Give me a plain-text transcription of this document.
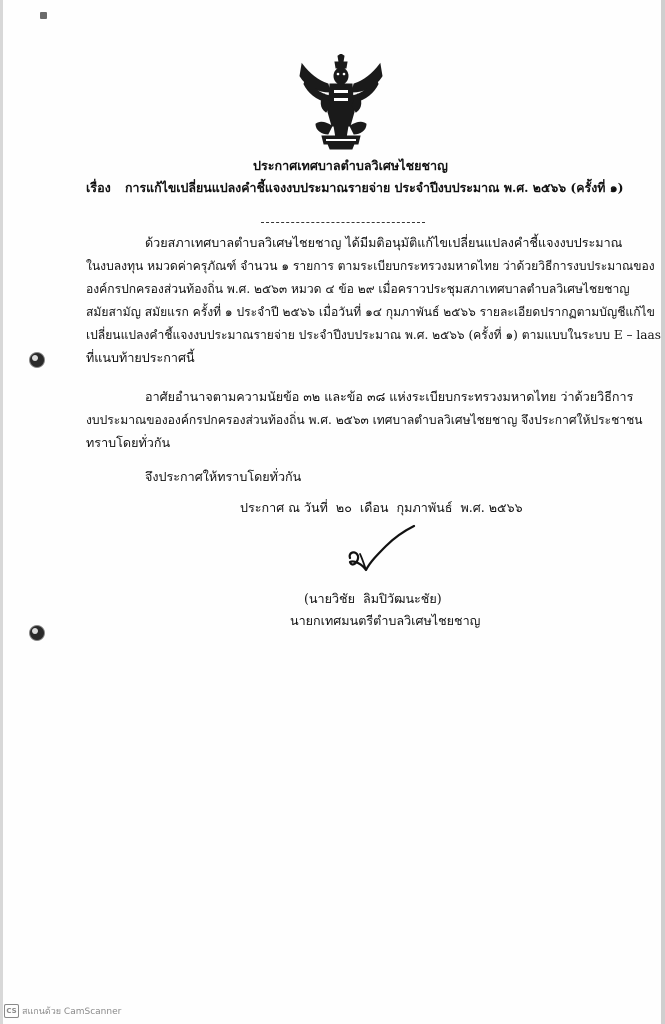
ประกาศเทศบาลตำบลวิเศษไชยชาญ
เรื่อง การแก้ไขเปลี่ยนแปลงคำชี้แจงงบประมาณรายจ่าย ประจำปีงบประมาณ พ.ศ. ๒๕๖๖ (ครั้งที่ ๑)
ด้วยสภาเทศบาลตำบลวิเศษไชยชาญ ได้มีมติอนุมัติแก้ไขเปลี่ยนแปลงคำชี้แจงงบประมาณ
ในงบลงทุน หมวดค่าครุภัณฑ์ จำนวน ๑ รายการ ตามระเบียบกระทรวงมหาดไทย ว่าด้วยวิธีการงบประมาณของ
องค์กรปกครองส่วนท้องถิ่น พ.ศ. ๒๕๖๓ หมวด ๔ ข้อ ๒๙ เมื่อคราวประชุมสภาเทศบาลตำบลวิเศษไชยชาญ
สมัยสามัญ สมัยแรก ครั้งที่ ๑ ประจำปี ๒๕๖๖ เมื่อวันที่ ๑๔ กุมภาพันธ์ ๒๕๖๖ รายละเอียดปรากฏตามบัญชีแก้ไข
เปลี่ยนแปลงคำชี้แจงงบประมาณรายจ่าย ประจำปีงบประมาณ พ.ศ. ๒๕๖๖ (ครั้งที่ ๑) ตามแบบในระบบ E – laas
ที่แนบท้ายประกาศนี้
อาศัยอำนาจตามความนัยข้อ ๓๒ และข้อ ๓๘ แห่งระเบียบกระทรวงมหาดไทย ว่าด้วยวิธีการ
งบประมาณขององค์กรปกครองส่วนท้องถิ่น พ.ศ. ๒๕๖๓ เทศบาลตำบลวิเศษไชยชาญ จึงประกาศให้ประชาชน
ทราบโดยทั่วกัน
จึงประกาศให้ทราบโดยทั่วกัน
ประกาศ ณ วันที่  ๒๐  เดือน  กุมภาพันธ์  พ.ศ. ๒๕๖๖
(นายวิชัย  ลิมปิวัฒนะชัย)
นายกเทศมนตรีตำบลวิเศษไชยชาญ
CS สแกนด้วย CamScanner
